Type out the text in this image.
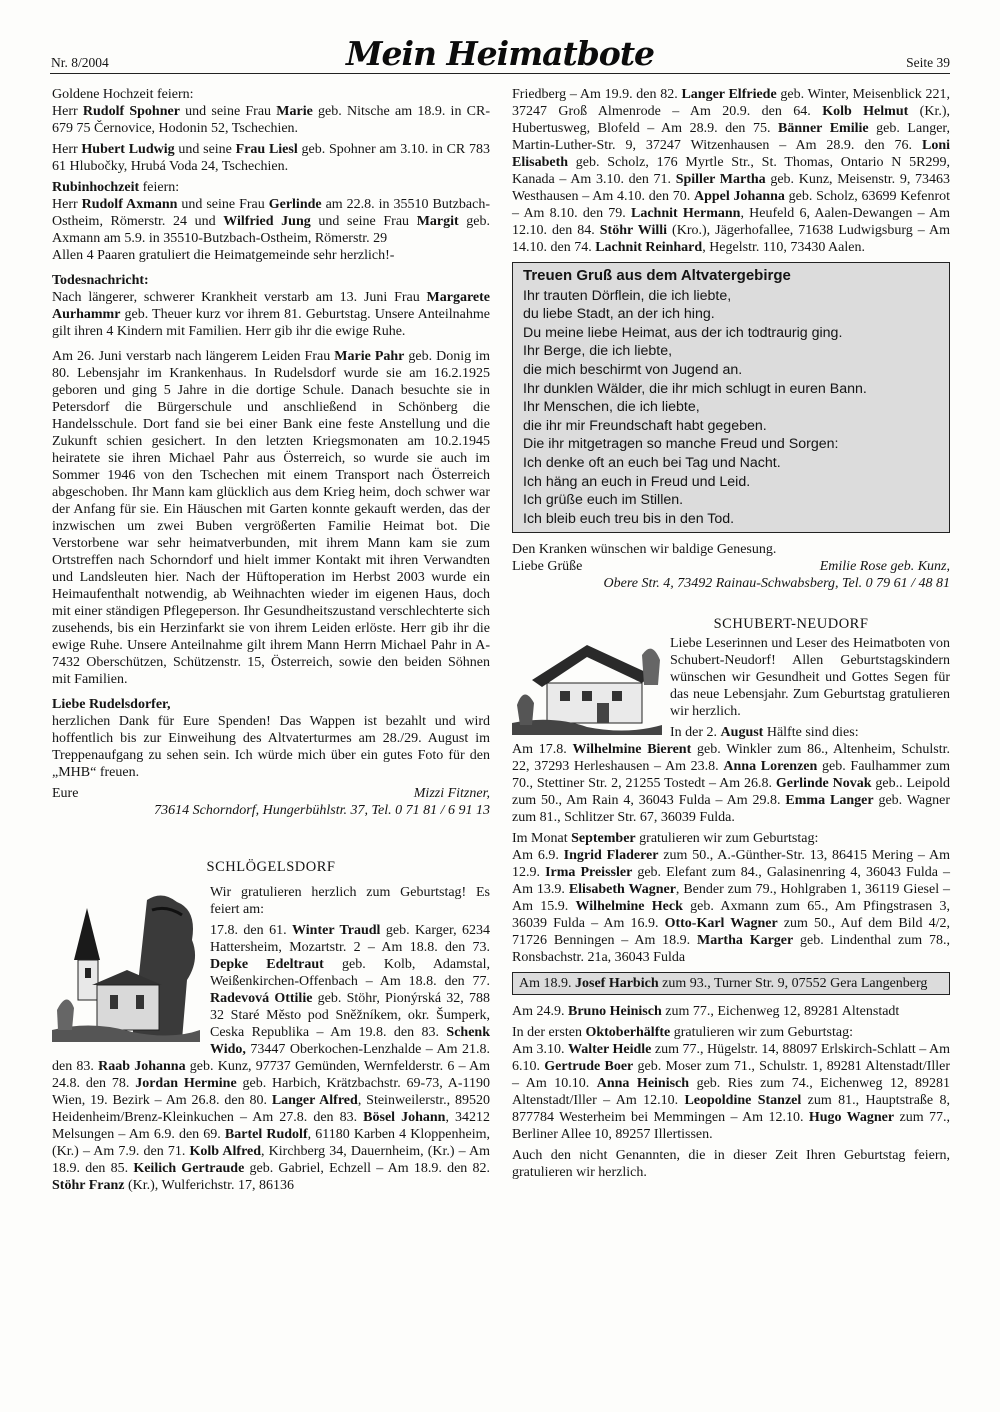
Nr. 8/2004	Mein Heimatbote	Seite 39

Goldene Hochzeit feiern:
Herr Rudolf Spohner und seine Frau Marie geb. Nitsche am 18.9. in CR-679 75 Černovice, Hodonin 52, Tschechien.

Herr Hubert Ludwig und seine Frau Liesl geb. Spohner am 3.10. in CR 783 61 Hlubočky, Hrubá Voda 24, Tschechien.

Rubinhochzeit feiern:
Herr Rudolf Axmann und seine Frau Gerlinde am 22.8. in 35510 Butzbach-Ostheim, Römerstr. 24 und Wilfried Jung und seine Frau Margit geb. Axmann am 5.9. in 35510-Butzbach-Ostheim, Römerstr. 29
Allen 4 Paaren gratuliert die Heimatgemeinde sehr herzlich!-

Todesnachricht:
Nach längerer, schwerer Krankheit verstarb am 13. Juni Frau Margarete Aurhammr geb. Theuer kurz vor ihrem 81. Geburtstag. Unsere Anteilnahme gilt ihren 4 Kindern mit Familien. Herr gib ihr die ewige Ruhe.

Am 26. Juni verstarb nach längerem Leiden Frau Marie Pahr geb. Donig im 80. Lebensjahr im Krankenhaus. In Rudelsdorf wurde sie am 16.2.1925 geboren und ging 5 Jahre in die dortige Schule. Danach besuchte sie in Petersdorf die Bürgerschule und anschließend in Schönberg die Handelsschule. Dort fand sie bei einer Bank eine feste Anstellung und die Zukunft schien gesichert. In den letzten Kriegsmonaten am 10.2.1945 heiratete sie ihren Michael Pahr aus Österreich, so wurde sie auch im Sommer 1946 von den Tschechen mit einem Transport nach Österreich abgeschoben. Ihr Mann kam glücklich aus dem Krieg heim, doch schwer war der Anfang für sie. Ein Häuschen mit Garten konnte gekauft werden, das der inzwischen um zwei Buben vergrößerten Familie Heimat bot. Die Verstorbene war sehr heimatverbunden, mit ihrem Mann kam sie zum Ortstreffen nach Schorndorf und hielt immer Kontakt mit ihren Verwandten und Landsleuten hier. Nach der Hüftoperation im Herbst 2003 wurde ein Heimaufenthalt notwendig, ab Weihnachten wieder im eigenen Haus, doch mit einer ständigen Pflegeperson. Ihr Gesundheitszustand verschlechterte sich zusehends, bis ein Herzinfarkt sie von ihrem Leiden erlöste. Herr gib ihr die ewige Ruhe. Unsere Anteilnahme gilt ihrem Mann Herrn Michael Pahr in A-7432 Oberschützen, Schützenstr. 15, Österreich, sowie den beiden Söhnen mit Familien.

Liebe Rudelsdorfer,
herzlichen Dank für Eure Spenden! Das Wappen ist bezahlt und wird hoffentlich bis zur Einweihung des Altvaterturmes am 28./29. August im Treppenaufgang zu sehen sein. Ich würde mich über ein gutes Foto für den „MHB“ freuen.

Eure	Mizzi Fitzner,
73614 Schorndorf, Hungerbühlstr. 37, Tel. 0 71 81 / 6 91 13
SCHLÖGELSDORF

Wir gratulieren herzlich zum Geburtstag! Es feiert am:

17.8. den 61. Winter Traudl geb. Karger, 6234 Hattersheim, Mozartstr. 2 – Am 18.8. den 73. Depke Edeltraut geb. Kolb, Adamstal, Weißenkirchen-Offenbach – Am 18.8. den 77. Radevová Ottilie geb. Stöhr, Pionýrská 32, 788 32 Staré Město pod Sněžníkem, okr. Šumperk, Ceska Republika – Am 19.8. den 83. Schenk Wido, 73447 Oberkochen-Lenzhalde – Am 21.8. den 83. Raab Johanna geb. Kunz, 97737 Gemünden, Wernfelderstr. 6 – Am 24.8. den 78. Jordan Hermine geb. Harbich, Krätzbachstr. 69-73, A-1190 Wien, 19. Bezirk – Am 26.8. den 80. Langer Alfred, Steinweilerstr., 89520 Heidenheim/Brenz-Kleinkuchen – Am 27.8. den 83. Bösel Johann, 34212 Melsungen – Am 6.9. den 69. Bartel Rudolf, 61180 Karben 4 Kloppenheim, (Kr.) – Am 7.9. den 71. Kolb Alfred, Kirchberg 34, Dauernheim, (Kr.) – Am 18.9. den 85. Keilich Gertraude geb. Gabriel, Echzell – Am 18.9. den 82. Stöhr Franz (Kr.), Wulferichstr. 17, 86136

Friedberg – Am 19.9. den 82. Langer Elfriede geb. Winter, Meisenblick 221, 37247 Groß Almenrode – Am 20.9. den 64. Kolb Helmut (Kr.), Hubertusweg, Blofeld – Am 28.9. den 75. Bänner Emilie geb. Langer, Martin-Luther-Str. 9, 37247 Witzenhausen – Am 28.9. den 76. Loni Elisabeth geb. Scholz, 176 Myrtle Str., St. Thomas, Ontario N 5R299, Kanada – Am 3.10. den 71. Spiller Martha geb. Kunz, Meisenstr. 9, 73463 Westhausen – Am 4.10. den 70. Appel Johanna geb. Scholz, 63699 Kefenrot – Am 8.10. den 79. Lachnit Hermann, Heufeld 6, Aalen-Dewangen – Am 12.10. den 84. Stöhr Willi (Kro.), Jägerhofallee, 71638 Ludwigsburg – Am 14.10. den 74. Lachnit Reinhard, Hegelstr. 110, 73430 Aalen.

Treuen Gruß aus dem Altvatergebirge
Ihr trauten Dörflein, die ich liebte,
du liebe Stadt, an der ich hing.
Du meine liebe Heimat, aus der ich todtraurig ging.
Ihr Berge, die ich liebte,
die mich beschirmt von Jugend an.
Ihr dunklen Wälder, die ihr mich schlugt in euren Bann.
Ihr Menschen, die ich liebte,
die ihr mir Freundschaft habt gegeben.
Die ihr mitgetragen so manche Freud und Sorgen:
Ich denke oft an euch bei Tag und Nacht.
Ich häng an euch in Freud und Leid.
Ich grüße euch im Stillen.
Ich bleib euch treu bis in den Tod.

Den Kranken wünschen wir baldige Genesung.

Liebe Grüße	Emilie Rose geb. Kunz,
Obere Str. 4, 73492 Rainau-Schwabsberg, Tel. 0 79 61 / 48 81
SCHUBERT-NEUDORF

Liebe Leserinnen und Leser des Heimatboten von Schubert-Neudorf! Allen Geburtstagskindern wünschen wir Gesundheit und Gottes Segen für das neue Lebensjahr. Zum Geburtstag gratulieren wir herzlich.

In der 2. August Hälfte sind dies:

Am 17.8. Wilhelmine Bierent geb. Winkler zum 86., Altenheim, Schulstr. 22, 37293 Herleshausen – Am 23.8. Anna Lorenzen geb. Faulhammer zum 70., Stettiner Str. 2, 21255 Tostedt – Am 26.8. Gerlinde Novak geb.. Leipold zum 50., Am Rain 4, 36043 Fulda – Am 29.8. Emma Langer geb. Wagner zum 81., Schlitzer Str. 67, 36039 Fulda.

Im Monat September gratulieren wir zum Geburtstag:

Am 6.9. Ingrid Fladerer zum 50., A.-Günther-Str. 13, 86415 Mering – Am 12.9. Irma Preissler geb. Elefant zum 84., Galasinenring 4, 36043 Fulda – Am 13.9. Elisabeth Wagner, Bender zum 79., Hohlgraben 1, 36119 Giesel – Am 15.9. Wilhelmine Heck geb. Axmann zum 65., Am Pfingstrasen 3, 36039 Fulda – Am 16.9. Otto-Karl Wagner zum 50., Auf dem Bild 4/2, 71726 Benningen – Am 18.9. Martha Karger geb. Lindenthal zum 78., Ronsbachstr. 21a, 36043 Fulda

Am 18.9. Josef Harbich zum 93., Turner Str. 9, 07552 Gera Langenberg

Am 24.9. Bruno Heinisch zum 77., Eichenweg 12, 89281 Altenstadt

In der ersten Oktoberhälfte gratulieren wir zum Geburtstag:

Am 3.10. Walter Heidle zum 77., Hügelstr. 14, 88097 Erlskirch-Schlatt – Am 6.10. Gertrude Boer geb. Moser zum 71., Schulstr. 1, 89281 Altenstadt/Iller – Am 10.10. Anna Heinisch geb. Ries zum 74., Eichenweg 12, 89281 Altenstadt/Iller – Am 12.10. Leopoldine Stanzel zum 81., Hauptstraße 8, 877784 Westerheim bei Memmingen – Am 12.10. Hugo Wagner zum 77., Berliner Allee 10, 89257 Illertissen.

Auch den nicht Genannten, die in dieser Zeit Ihren Geburtstag feiern, gratulieren wir herzlich.
